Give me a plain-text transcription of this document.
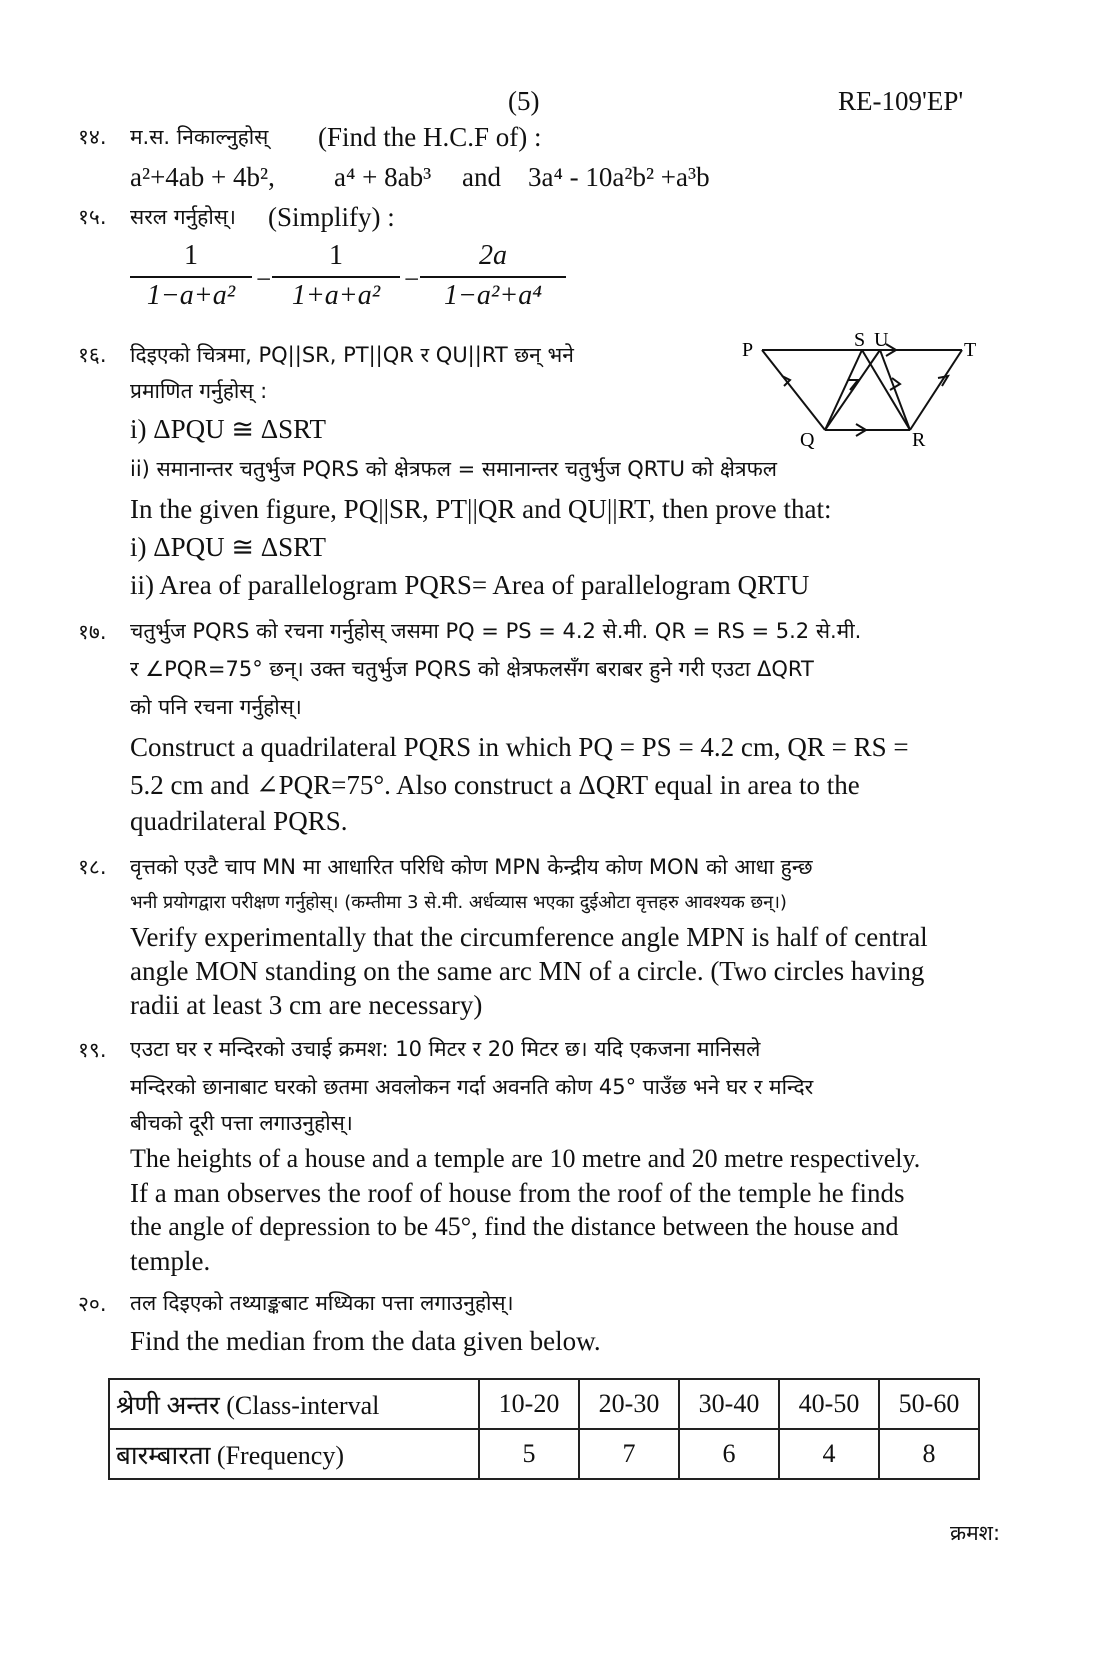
(5)	RE-109'EP'
१४. म.स. निकाल्नुहोस् (Find the H.C.F of) :
a²+4ab + 4b², a⁴ + 8ab³ and 3a⁴ - 10a²b² +a³b
१५. सरल गर्नुहोस्। (Simplify) :
1
1−a+a²
−
1
1+a+a²
−
2a
1−a²+a⁴
१६. दिइएको चित्रमा, PQ||SR, PT||QR र QU||RT छन् भने
प्रमाणित गर्नुहोस् :
i) ΔPQU ≅ ΔSRT
ii) समानान्तर चतुर्भुज PQRS को क्षेत्रफल = समानान्तर चतुर्भुज QRTU को क्षेत्रफल
In the given figure, PQ||SR, PT||QR and QU||RT, then prove that:
i) ΔPQU ≅ ΔSRT
ii) Area of parallelogram PQRS= Area of parallelogram QRTU
P	S U	T
Q	R
१७. चतुर्भुज PQRS को रचना गर्नुहोस् जसमा PQ = PS = 4.2 से.मी. QR = RS = 5.2 से.मी.
र ∠PQR=75° छन्। उक्त चतुर्भुज PQRS को क्षेत्रफलसँग बराबर हुने गरी एउटा ΔQRT
को पनि रचना गर्नुहोस्।
Construct a quadrilateral PQRS in which PQ = PS = 4.2 cm, QR = RS =
5.2 cm and ∠PQR=75°. Also construct a ΔQRT equal in area to the
quadrilateral PQRS.
१८. वृत्तको एउटै चाप MN मा आधारित परिधि कोण MPN केन्द्रीय कोण MON को आधा हुन्छ
भनी प्रयोगद्वारा परीक्षण गर्नुहोस्। (कम्तीमा 3 से.मी. अर्धव्यास भएका दुईओटा वृत्तहरु आवश्यक छन्।)
Verify experimentally that the circumference angle MPN is half of central
angle MON standing on the same arc MN of a circle. (Two circles having
radii at least 3 cm are necessary)
१९. एउटा घर र मन्दिरको उचाई क्रमश: 10 मिटर र 20 मिटर छ। यदि एकजना मानिसले
मन्दिरको छानाबाट घरको छतमा अवलोकन गर्दा अवनति कोण 45° पाउँछ भने घर र मन्दिर
बीचको दूरी पत्ता लगाउनुहोस्।
The heights of a house and a temple are 10 metre and 20 metre respectively.
If a man observes the roof of house from the roof of the temple he finds
the angle of depression to be 45°, find the distance between the house and
temple.
२०. तल दिइएको तथ्याङ्कबाट मध्यिका पत्ता लगाउनुहोस्।
Find the median from the data given below.
श्रेणी अन्तर (Class-interval	10-20	20-30	30-40	40-50	50-60
बारम्बारता (Frequency)	5	7	6	4	8
क्रमश:
